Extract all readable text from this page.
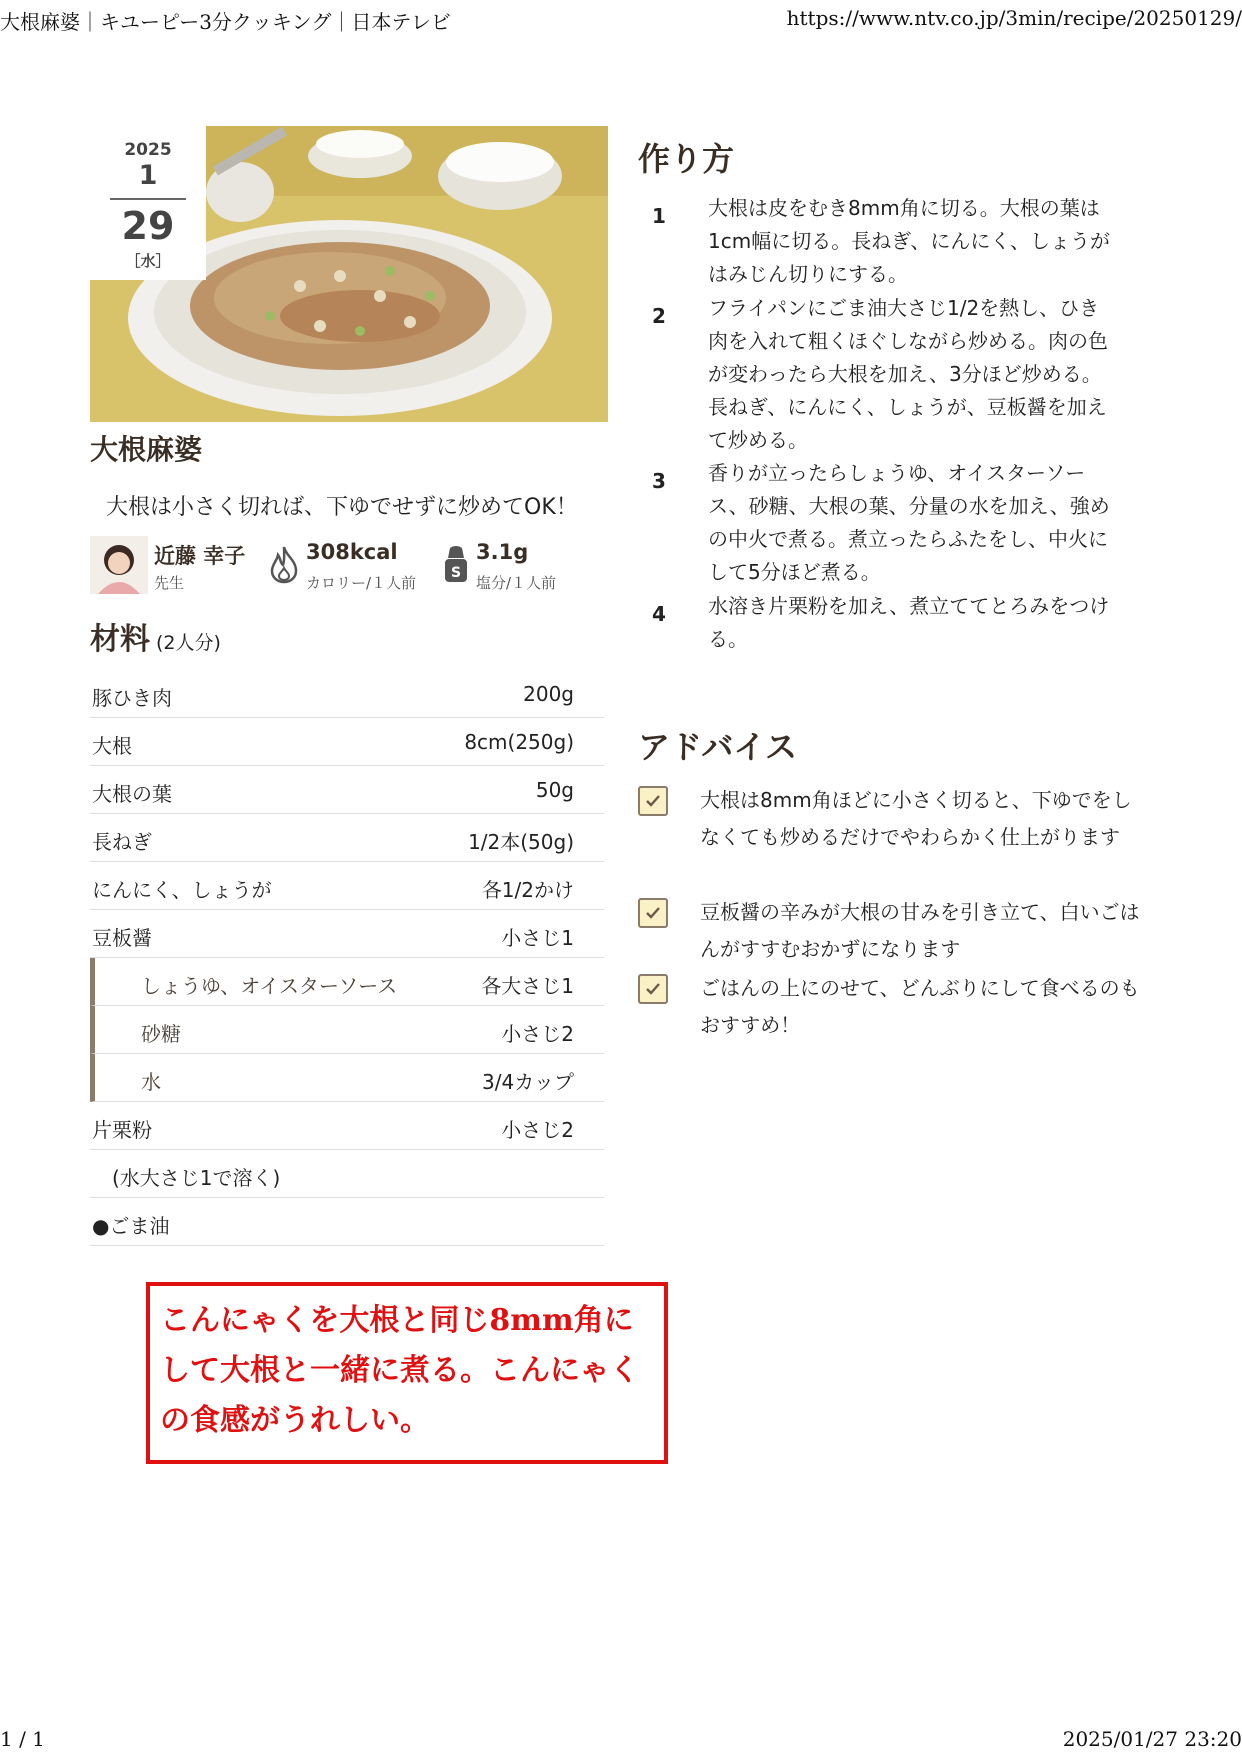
大根麻婆｜キユーピー3分クッキング｜日本テレビ	https://www.ntv.co.jp/3min/recipe/20250129/
2025
1
29
［水］
大根麻婆

大根は小さく切れば、下ゆでせずに炒めてOK！

近藤 幸子
先生
308kcal
カロリー/１人前
S
3.1g
塩分/１人前
材料 (2人分)
豚ひき肉	200g
大根	8cm(250g)
大根の葉	50g
長ねぎ	1/2本(50g)
にんにく、しょうが	各1/2かけ
豆板醤	小さじ1
しょうゆ、オイスターソース	各大さじ1
砂糖	小さじ2
水	3/4カップ
片栗粉	小さじ2
(水大さじ1で溶く)
●ごま油
こんにゃくを大根と同じ8mm角にして大根と一緒に煮る。こんにゃくの食感がうれしい。
作り方
1 大根は皮をむき8mm角に切る。大根の葉は1cm幅に切る。長ねぎ、にんにく、しょうがはみじん切りにする。
2 フライパンにごま油大さじ1/2を熱し、ひき肉を入れて粗くほぐしながら炒める。肉の色が変わったら大根を加え、3分ほど炒める。長ねぎ、にんにく、しょうが、豆板醤を加えて炒める。
3 香りが立ったらしょうゆ、オイスターソース、砂糖、大根の葉、分量の水を加え、強めの中火で煮る。煮立ったらふたをし、中火にして5分ほど煮る。
4 水溶き片栗粉を加え、煮立ててとろみをつける。
アドバイス
大根は8mm角ほどに小さく切ると、下ゆでをしなくても炒めるだけでやわらかく仕上がります
豆板醤の辛みが大根の甘みを引き立て、白いごはんがすすむおかずになります
ごはんの上にのせて、どんぶりにして食べるのもおすすめ！
1 / 1	2025/01/27 23:20
